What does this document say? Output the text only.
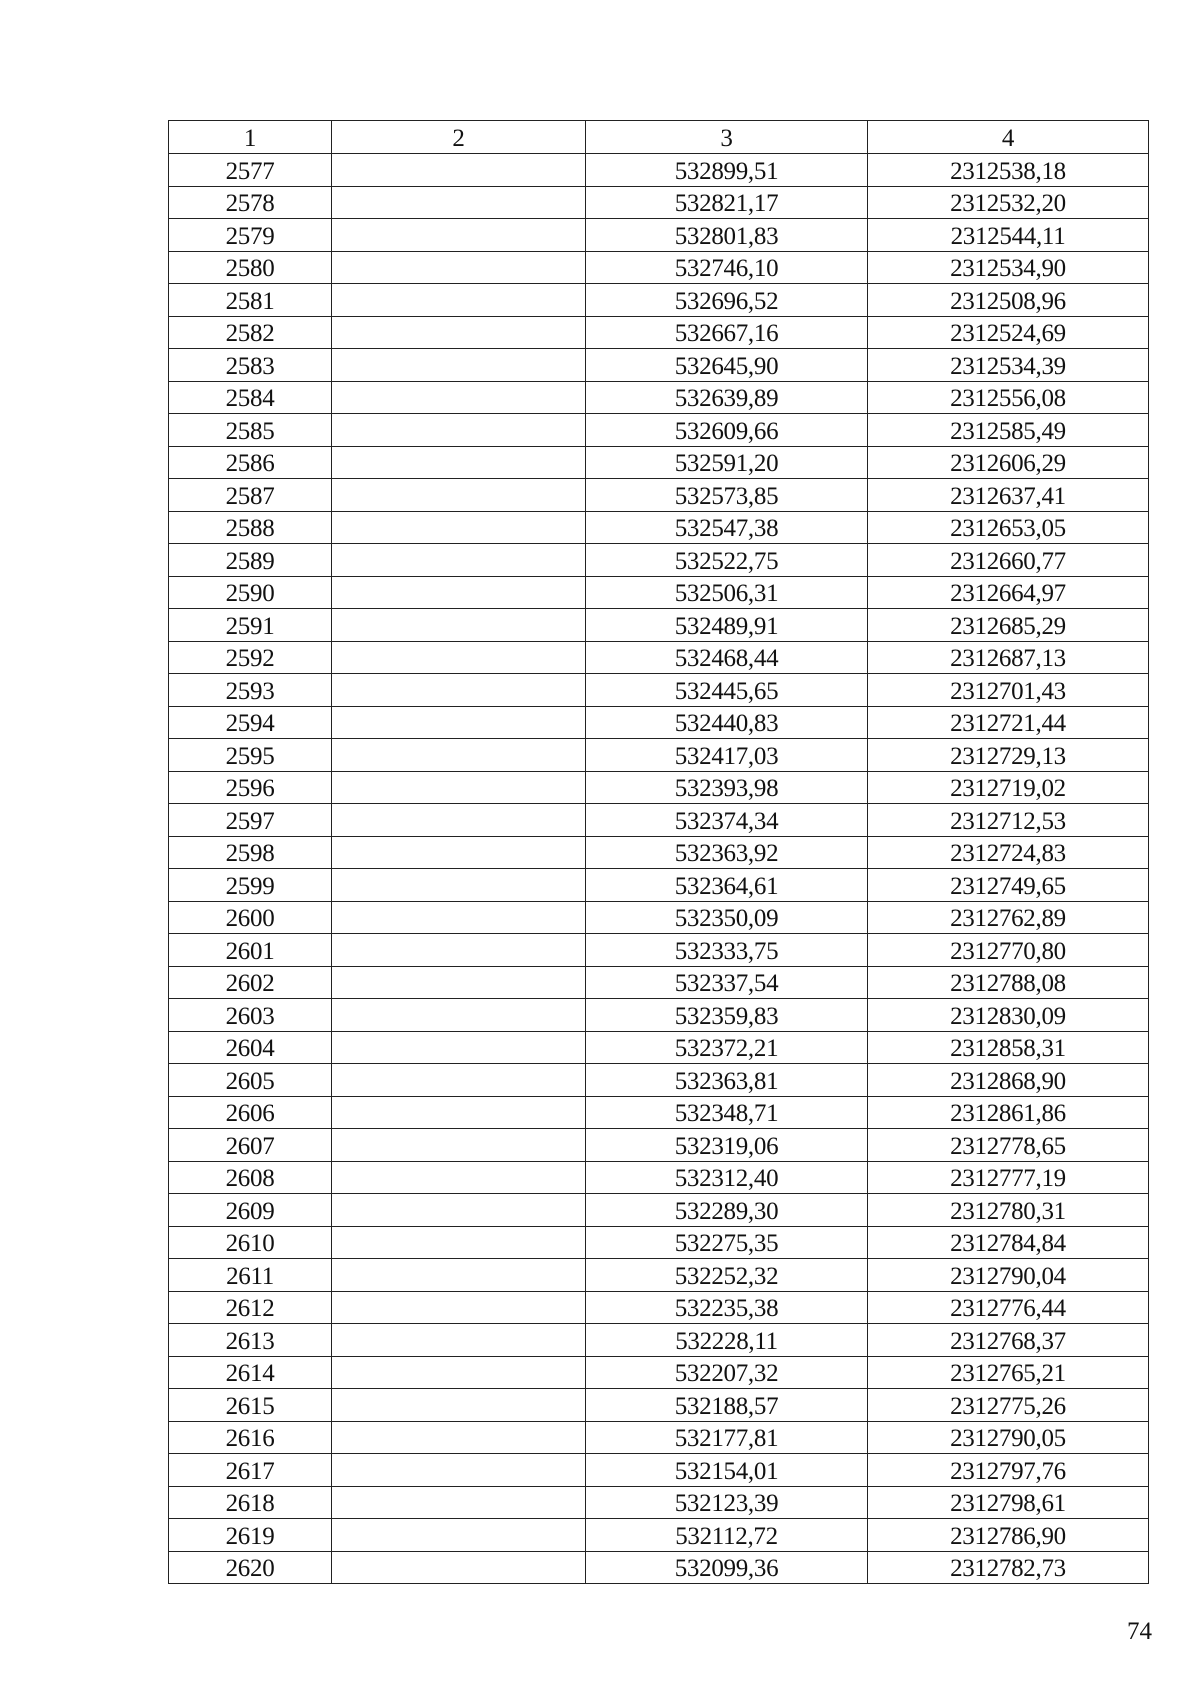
1	2	3	4
2577		532899,51	2312538,18
2578		532821,17	2312532,20
2579		532801,83	2312544,11
2580		532746,10	2312534,90
2581		532696,52	2312508,96
2582		532667,16	2312524,69
2583		532645,90	2312534,39
2584		532639,89	2312556,08
2585		532609,66	2312585,49
2586		532591,20	2312606,29
2587		532573,85	2312637,41
2588		532547,38	2312653,05
2589		532522,75	2312660,77
2590		532506,31	2312664,97
2591		532489,91	2312685,29
2592		532468,44	2312687,13
2593		532445,65	2312701,43
2594		532440,83	2312721,44
2595		532417,03	2312729,13
2596		532393,98	2312719,02
2597		532374,34	2312712,53
2598		532363,92	2312724,83
2599		532364,61	2312749,65
2600		532350,09	2312762,89
2601		532333,75	2312770,80
2602		532337,54	2312788,08
2603		532359,83	2312830,09
2604		532372,21	2312858,31
2605		532363,81	2312868,90
2606		532348,71	2312861,86
2607		532319,06	2312778,65
2608		532312,40	2312777,19
2609		532289,30	2312780,31
2610		532275,35	2312784,84
2611		532252,32	2312790,04
2612		532235,38	2312776,44
2613		532228,11	2312768,37
2614		532207,32	2312765,21
2615		532188,57	2312775,26
2616		532177,81	2312790,05
2617		532154,01	2312797,76
2618		532123,39	2312798,61
2619		532112,72	2312786,90
2620		532099,36	2312782,73
74
